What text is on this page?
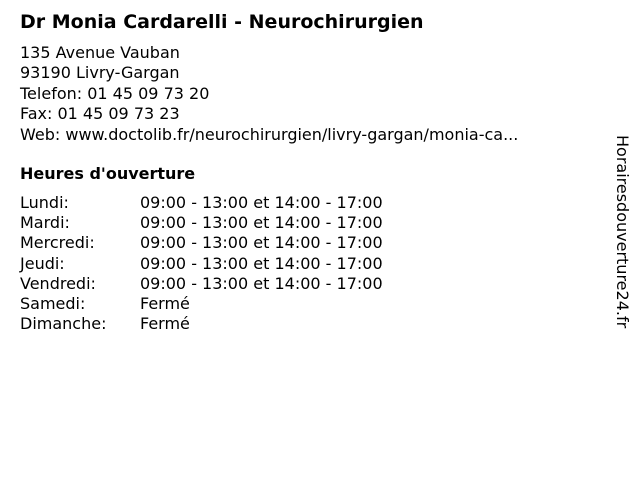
Dr Monia Cardarelli - Neurochirurgien
135 Avenue Vauban
93190 Livry-Gargan
Telefon: 01 45 09 73 20
Fax: 01 45 09 73 23
Web: www.doctolib.fr/neurochirurgien/livry-gargan/monia-ca...
Heures d'ouverture
Lundi:	09:00 - 13:00 et 14:00 - 17:00
Mardi:	09:00 - 13:00 et 14:00 - 17:00
Mercredi:	09:00 - 13:00 et 14:00 - 17:00
Jeudi:	09:00 - 13:00 et 14:00 - 17:00
Vendredi:	09:00 - 13:00 et 14:00 - 17:00
Samedi:	Fermé
Dimanche:	Fermé	Horairesdouverture24.fr
